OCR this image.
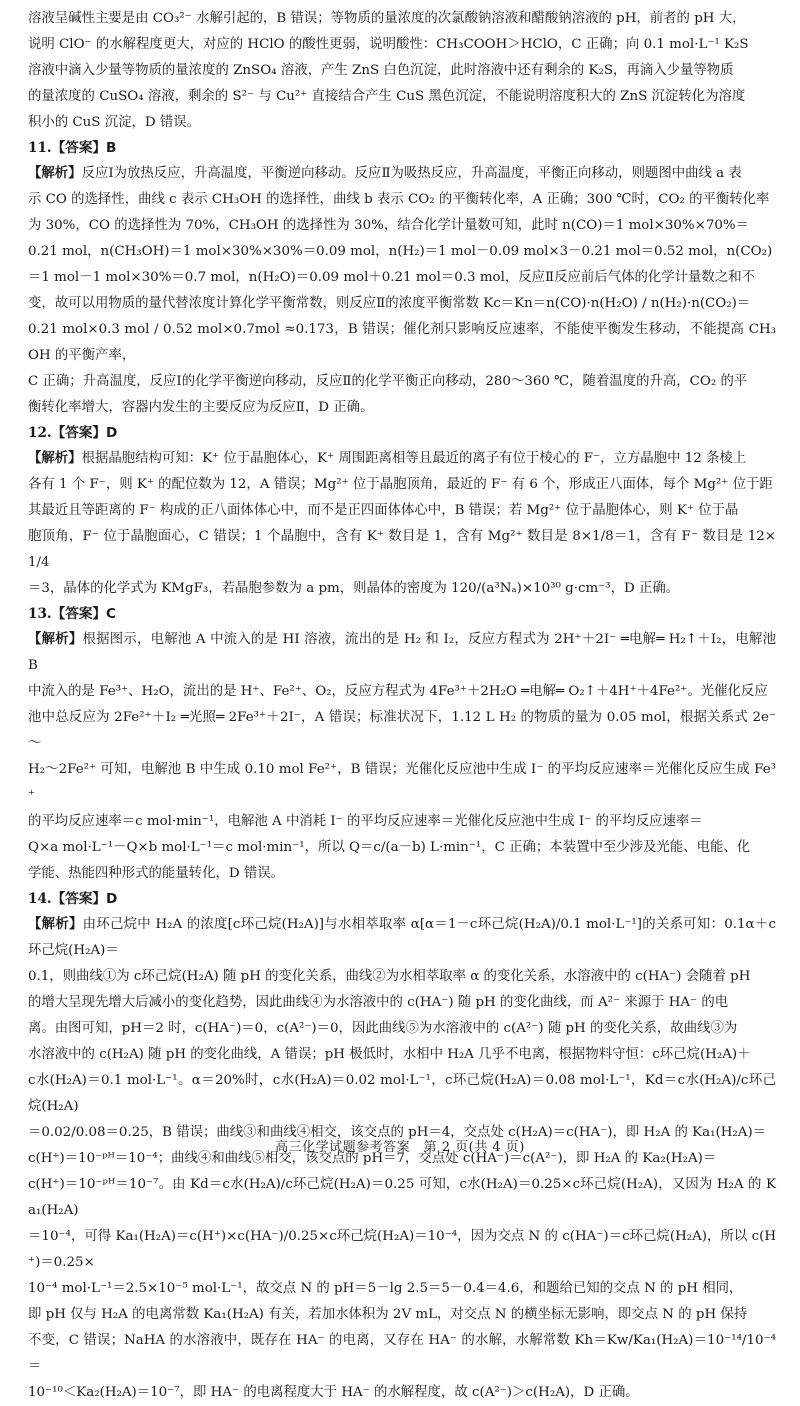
溶液呈碱性主要是由 CO₃²⁻ 水解引起的，B 错误；等物质的量浓度的次氯酸钠溶液和醋酸钠溶液的 pH，前者的 pH 大，

说明 ClO⁻ 的水解程度更大，对应的 HClO 的酸性更弱，说明酸性：CH₃COOH＞HClO，C 正确；向 0.1 mol·L⁻¹ K₂S

溶液中滴入少量等物质的量浓度的 ZnSO₄ 溶液，产生 ZnS 白色沉淀，此时溶液中还有剩余的 K₂S，再滴入少量等物质

的量浓度的 CuSO₄ 溶液，剩余的 S²⁻ 与 Cu²⁺ 直接结合产生 CuS 黑色沉淀，不能说明溶度积大的 ZnS 沉淀转化为溶度

积小的 CuS 沉淀，D 错误。

11.【答案】B

【解析】反应Ⅰ为放热反应，升高温度，平衡逆向移动。反应Ⅱ为吸热反应，升高温度，平衡正向移动，则题图中曲线 a 表

示 CO 的选择性，曲线 c 表示 CH₃OH 的选择性，曲线 b 表示 CO₂ 的平衡转化率，A 正确；300 ℃时，CO₂ 的平衡转化率

为 30%，CO 的选择性为 70%，CH₃OH 的选择性为 30%，结合化学计量数可知，此时 n(CO)＝1 mol×30%×70%＝

0.21 mol，n(CH₃OH)＝1 mol×30%×30%＝0.09 mol，n(H₂)＝1 mol－0.09 mol×3－0.21 mol＝0.52 mol，n(CO₂)

＝1 mol－1 mol×30%＝0.7 mol，n(H₂O)＝0.09 mol＋0.21 mol＝0.3 mol，反应Ⅱ反应前后气体的化学计量数之和不

变，故可以用物质的量代替浓度计算化学平衡常数，则反应Ⅱ的浓度平衡常数 Kc＝Kn＝n(CO)·n(H₂O) / n(H₂)·n(CO₂)＝

0.21 mol×0.3 mol / 0.52 mol×0.7mol ≈0.173，B 错误；催化剂只影响反应速率，不能使平衡发生移动，不能提高 CH₃OH 的平衡产率，

C 正确；升高温度，反应Ⅰ的化学平衡逆向移动，反应Ⅱ的化学平衡正向移动，280～360 ℃，随着温度的升高，CO₂ 的平

衡转化率增大，容器内发生的主要反应为反应Ⅱ，D 正确。

12.【答案】D

【解析】根据晶胞结构可知：K⁺ 位于晶胞体心，K⁺ 周围距离相等且最近的离子有位于棱心的 F⁻，立方晶胞中 12 条棱上

各有 1 个 F⁻，则 K⁺ 的配位数为 12，A 错误；Mg²⁺ 位于晶胞顶角，最近的 F⁻ 有 6 个，形成正八面体，每个 Mg²⁺ 位于距

其最近且等距离的 F⁻ 构成的正八面体体心中，而不是正四面体体心中，B 错误；若 Mg²⁺ 位于晶胞体心，则 K⁺ 位于晶

胞顶角，F⁻ 位于晶胞面心，C 错误；1 个晶胞中，含有 K⁺ 数目是 1，含有 Mg²⁺ 数目是 8×1/8＝1，含有 F⁻ 数目是 12×1/4

＝3，晶体的化学式为 KMgF₃，若晶胞参数为 a pm，则晶体的密度为 120/(a³Nₐ)×10³⁰ g·cm⁻³，D 正确。

13.【答案】C

【解析】根据图示，电解池 A 中流入的是 HI 溶液，流出的是 H₂ 和 I₂，反应方程式为 2H⁺＋2I⁻ ═电解═ H₂↑＋I₂，电解池 B

中流入的是 Fe³⁺、H₂O，流出的是 H⁺、Fe²⁺、O₂，反应方程式为 4Fe³⁺＋2H₂O ═电解═ O₂↑＋4H⁺＋4Fe²⁺。光催化反应

池中总反应为 2Fe²⁺＋I₂ ═光照═ 2Fe³⁺＋2I⁻，A 错误；标准状况下，1.12 L H₂ 的物质的量为 0.05 mol，根据关系式 2e⁻～

H₂～2Fe²⁺ 可知，电解池 B 中生成 0.10 mol Fe²⁺，B 错误；光催化反应池中生成 I⁻ 的平均反应速率＝光催化反应生成 Fe³⁺

的平均反应速率＝c mol·min⁻¹，电解池 A 中消耗 I⁻ 的平均反应速率＝光催化反应池中生成 I⁻ 的平均反应速率＝

Q×a mol·L⁻¹－Q×b mol·L⁻¹＝c mol·min⁻¹，所以 Q＝c/(a－b) L·min⁻¹，C 正确；本装置中至少涉及光能、电能、化

学能、热能四种形式的能量转化，D 错误。

14.【答案】D

【解析】由环己烷中 H₂A 的浓度[c环己烷(H₂A)]与水相萃取率 α[α＝1－c环己烷(H₂A)/0.1 mol·L⁻¹]的关系可知：0.1α＋c环己烷(H₂A)＝

0.1，则曲线①为 c环己烷(H₂A) 随 pH 的变化关系，曲线②为水相萃取率 α 的变化关系，水溶液中的 c(HA⁻) 会随着 pH

的增大呈现先增大后减小的变化趋势，因此曲线④为水溶液中的 c(HA⁻) 随 pH 的变化曲线，而 A²⁻ 来源于 HA⁻ 的电

离。由图可知，pH＝2 时，c(HA⁻)＝0，c(A²⁻)＝0，因此曲线⑤为水溶液中的 c(A²⁻) 随 pH 的变化关系，故曲线③为

水溶液中的 c(H₂A) 随 pH 的变化曲线，A 错误；pH 极低时，水相中 H₂A 几乎不电离，根据物料守恒：c环己烷(H₂A)＋

c水(H₂A)＝0.1 mol·L⁻¹。α＝20%时，c水(H₂A)＝0.02 mol·L⁻¹，c环己烷(H₂A)＝0.08 mol·L⁻¹，Kd＝c水(H₂A)/c环己烷(H₂A)

＝0.02/0.08＝0.25，B 错误；曲线③和曲线④相交，该交点的 pH＝4，交点处 c(H₂A)＝c(HA⁻)，即 H₂A 的 Ka₁(H₂A)＝

c(H⁺)＝10⁻ᵖᴴ＝10⁻⁴；曲线④和曲线⑤相交，该交点的 pH＝7，交点处 c(HA⁻)＝c(A²⁻)，即 H₂A 的 Ka₂(H₂A)＝

c(H⁺)＝10⁻ᵖᴴ＝10⁻⁷。由 Kd＝c水(H₂A)/c环己烷(H₂A)＝0.25 可知，c水(H₂A)＝0.25×c环己烷(H₂A)，又因为 H₂A 的 Ka₁(H₂A)

＝10⁻⁴，可得 Ka₁(H₂A)＝c(H⁺)×c(HA⁻)/0.25×c环己烷(H₂A)＝10⁻⁴，因为交点 N 的 c(HA⁻)＝c环己烷(H₂A)，所以 c(H⁺)＝0.25×

10⁻⁴ mol·L⁻¹＝2.5×10⁻⁵ mol·L⁻¹，故交点 N 的 pH＝5－lg 2.5＝5－0.4＝4.6，和题给已知的交点 N 的 pH 相同，

即 pH 仅与 H₂A 的电离常数 Ka₁(H₂A) 有关，若加水体积为 2V mL，对交点 N 的横坐标无影响，即交点 N 的 pH 保持

不变，C 错误；NaHA 的水溶液中，既存在 HA⁻ 的电离，又存在 HA⁻ 的水解，水解常数 Kh＝Kw/Ka₁(H₂A)＝10⁻¹⁴/10⁻⁴＝

10⁻¹⁰＜Ka₂(H₂A)＝10⁻⁷，即 HA⁻ 的电离程度大于 HA⁻ 的水解程度，故 c(A²⁻)＞c(H₂A)，D 正确。

高三化学试题参考答案　第 2 页(共 4 页)
